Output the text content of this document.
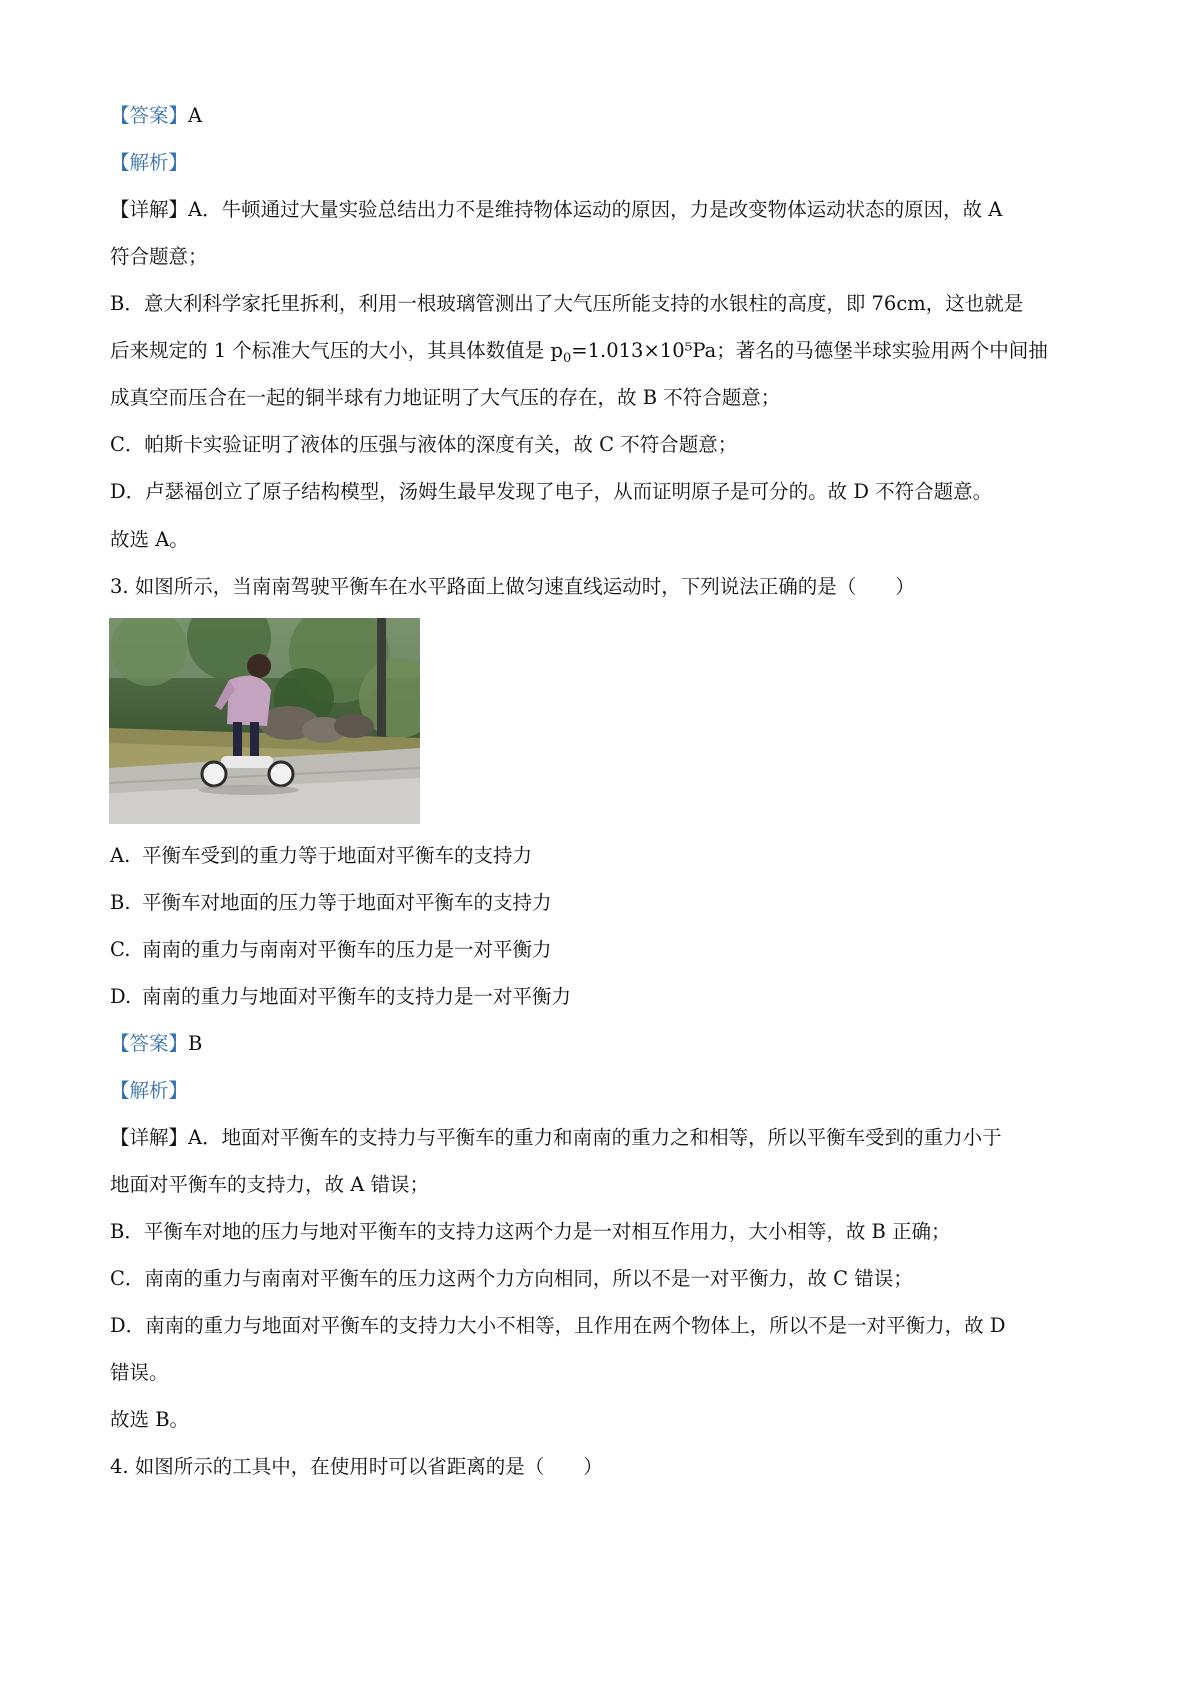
【答案】A
【解析】
【详解】A．牛顿通过大量实验总结出力不是维持物体运动的原因，力是改变物体运动状态的原因，故 A
符合题意；
B．意大利科学家托里拆利，利用一根玻璃管测出了大气压所能支持的水银柱的高度，即 76cm，这也就是
后来规定的 1 个标准大气压的大小，其具体数值是 $p_0=1.013\times 10^5Pa$；著名的马德堡半球实验用两个中间抽
成真空而压合在一起的铜半球有力地证明了大气压的存在，故 B 不符合题意；
C．帕斯卡实验证明了液体的压强与液体的深度有关，故 C 不符合题意；
D．卢瑟福创立了原子结构模型，汤姆生最早发现了电子，从而证明原子是可分的。故 D 不符合题意。
故选 A。
3. 如图所示，当南南驾驶平衡车在水平路面上做匀速直线运动时，下列说法正确的是（　　）
A. 平衡车受到的重力等于地面对平衡车的支持力
B. 平衡车对地面的压力等于地面对平衡车的支持力
C. 南南的重力与南南对平衡车的压力是一对平衡力
D. 南南的重力与地面对平衡车的支持力是一对平衡力
【答案】B
【解析】
【详解】A．地面对平衡车的支持力与平衡车的重力和南南的重力之和相等，所以平衡车受到的重力小于
地面对平衡车的支持力，故 A 错误；
B．平衡车对地的压力与地对平衡车的支持力这两个力是一对相互作用力，大小相等，故 B 正确；
C．南南的重力与南南对平衡车的压力这两个力方向相同，所以不是一对平衡力，故 C 错误；
D．南南的重力与地面对平衡车的支持力大小不相等，且作用在两个物体上，所以不是一对平衡力，故 D
错误。
故选 B。
4. 如图所示的工具中，在使用时可以省距离的是（　　）
